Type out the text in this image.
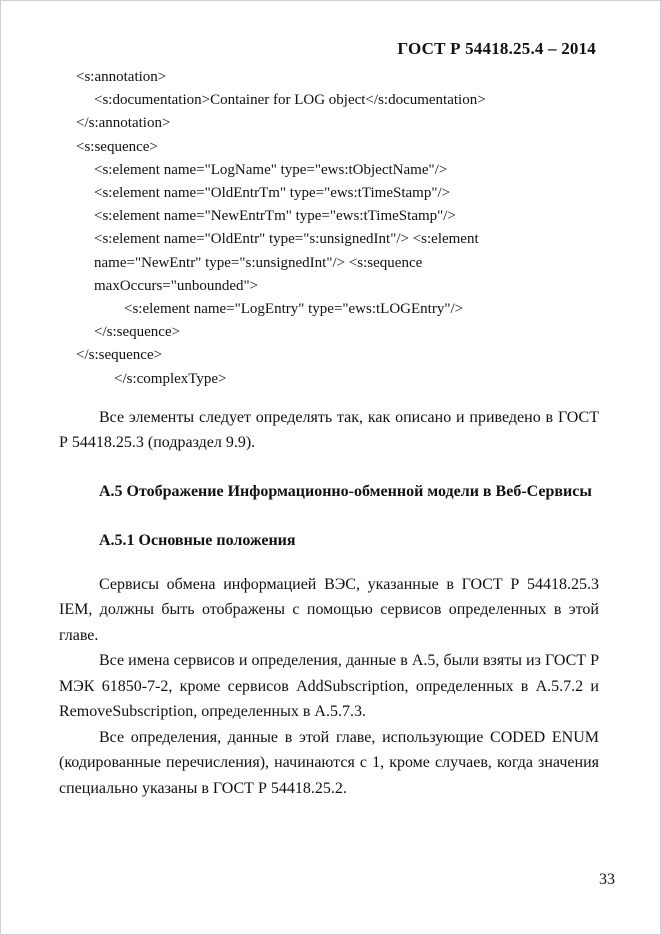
ГОСТ Р 54418.25.4 – 2014
<s:annotation>
<s:documentation>Container for LOG object</s:documentation>
</s:annotation>
<s:sequence>
<s:element name="LogName" type="ews:tObjectName"/>
<s:element name="OldEntrTm" type="ews:tTimeStamp"/>
<s:element name="NewEntrTm" type="ews:tTimeStamp"/>
<s:element name="OldEntr" type="s:unsignedInt"/> <s:element
name="NewEntr" type="s:unsignedInt"/> <s:sequence
maxOccurs="unbounded">
<s:element name="LogEntry" type="ews:tLOGEntry"/>
</s:sequence>
</s:sequence>
</s:complexType>

Все элементы следует определять так, как описано и приведено в ГОСТ Р 54418.25.3 (подраздел 9.9).

А.5 Отображение Информационно-обменной модели в Веб-Сервисы
А.5.1 Основные положения

Сервисы обмена информацией ВЭС, указанные в ГОСТ Р 54418.25.3 IEM, должны быть отображены с помощью сервисов определенных в этой главе.

Все имена сервисов и определения, данные в А.5, были взяты из ГОСТ Р МЭК 61850-7-2, кроме сервисов AddSubscription, определенных в А.5.7.2 и RemoveSubscription, определенных в А.5.7.3.

Все определения, данные в этой главе, использующие CODED ENUM (кодированные перечисления), начинаются с 1, кроме случаев, когда значения специально указаны в ГОСТ Р 54418.25.2.

33
